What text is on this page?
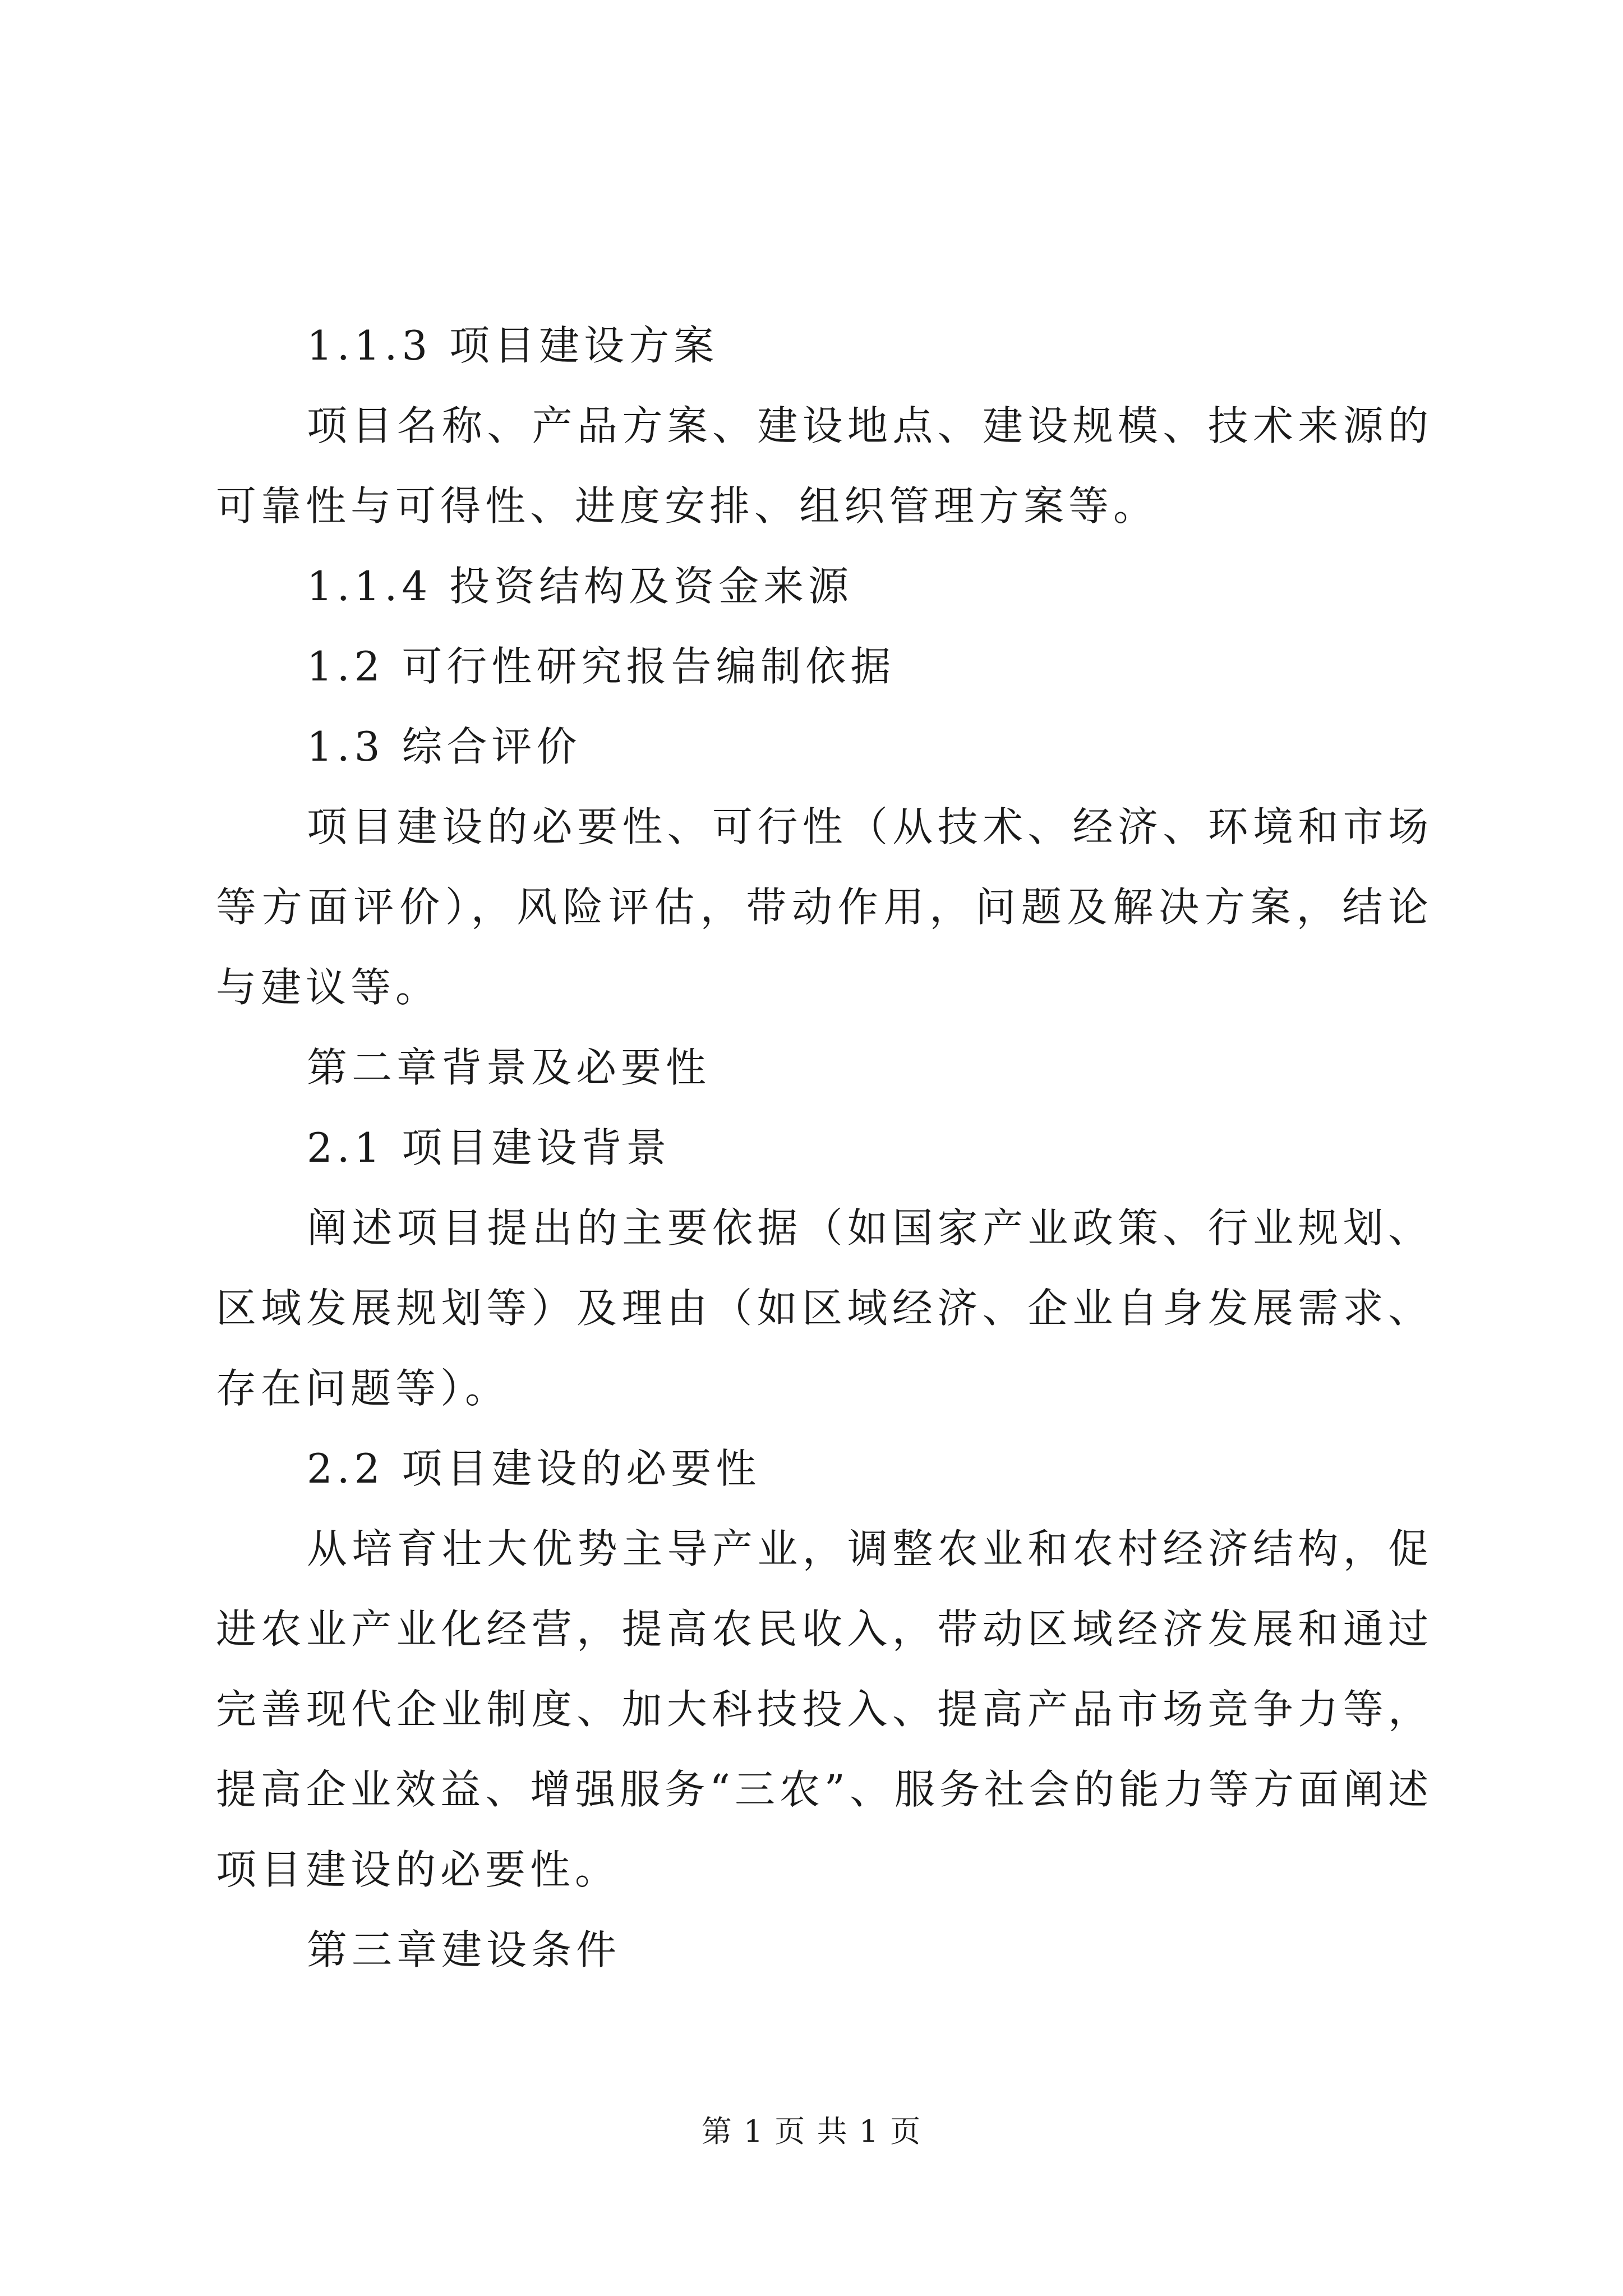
1.1.3 项目建设方案

项目名称、产品方案、建设地点、建设规模、技术来源的可靠性与可得性、进度安排、组织管理方案等。

1.1.4 投资结构及资金来源

1.2 可行性研究报告编制依据

1.3 综合评价

项目建设的必要性、可行性（从技术、经济、环境和市场等方面评价），风险评估，带动作用，问题及解决方案，结论与建议等。

第二章背景及必要性

2.1 项目建设背景

阐述项目提出的主要依据（如国家产业政策、行业规划、区域发展规划等）及理由（如区域经济、企业自身发展需求、存在问题等）。

2.2 项目建设的必要性

从培育壮大优势主导产业，调整农业和农村经济结构，促进农业产业化经营，提高农民收入，带动区域经济发展和通过完善现代企业制度、加大科技投入、提高产品市场竞争力等，提高企业效益、增强服务“三农”、服务社会的能力等方面阐述项目建设的必要性。

第三章建设条件

第 1 页 共 1 页
